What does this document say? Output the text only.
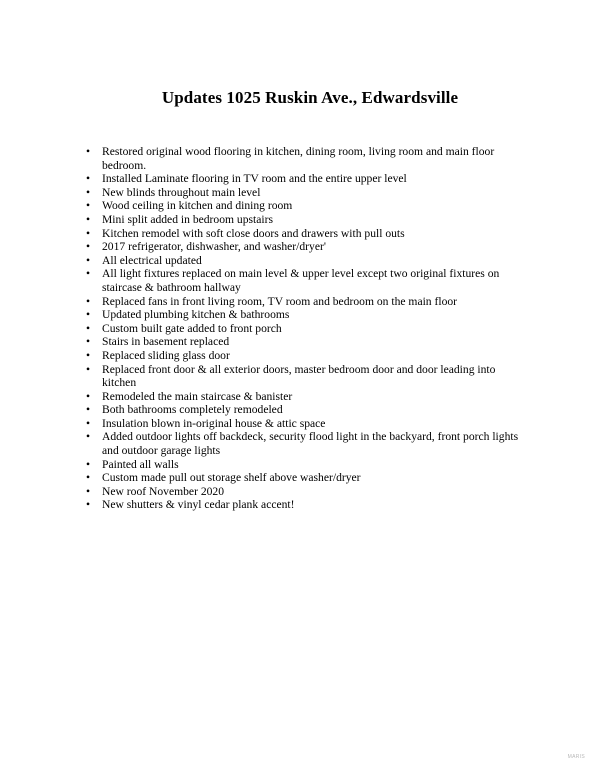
Updates 1025 Ruskin Ave., Edwardsville
• Restored original wood flooring in kitchen, dining room, living room and main floor bedroom.
• Installed Laminate flooring in TV room and the entire upper level
• New blinds throughout main level
• Wood ceiling in kitchen and dining room
• Mini split added in bedroom upstairs
• Kitchen remodel with soft close doors and drawers with pull outs
• 2017 refrigerator, dishwasher, and washer/dryer'
• All electrical updated
• All light fixtures replaced on main level & upper level except two original fixtures on staircase & bathroom hallway
• Replaced fans in front living room, TV room and bedroom on the main floor
• Updated plumbing kitchen & bathrooms
• Custom built gate added to front porch
• Stairs in basement replaced
• Replaced sliding glass door
• Replaced front door & all exterior doors, master bedroom door and door leading into kitchen
• Remodeled the main staircase & banister
• Both bathrooms completely remodeled
• Insulation blown in-original house & attic space
• Added outdoor lights off backdeck, security flood light in the backyard, front porch lights and outdoor garage lights
• Painted all walls
• Custom made pull out storage shelf above washer/dryer
• New roof November 2020
• New shutters & vinyl cedar plank accent!
MARIS
